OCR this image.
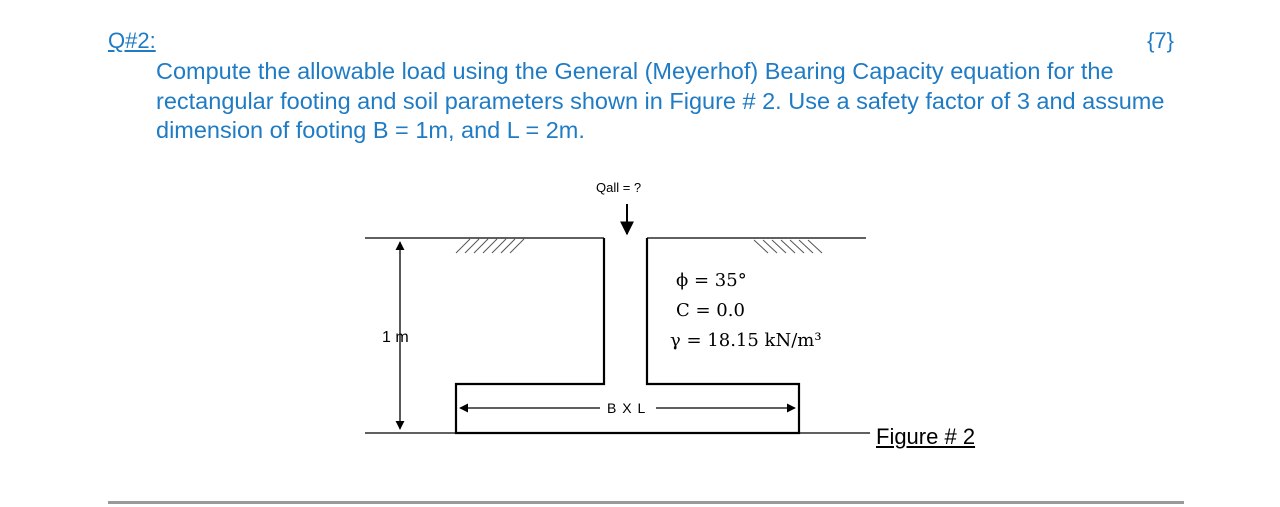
Q#2:	{7}

Compute the allowable load using the General (Meyerhof) Bearing Capacity equation for the rectangular footing and soil parameters shown in Figure # 2. Use a safety factor of 3 and assume dimension of footing B = 1m, and L = 2m.

Qall = ?
1 m
B X L
ϕ = 35°
C = 0.0
γ = 18.15 kN/m³
Figure # 2
